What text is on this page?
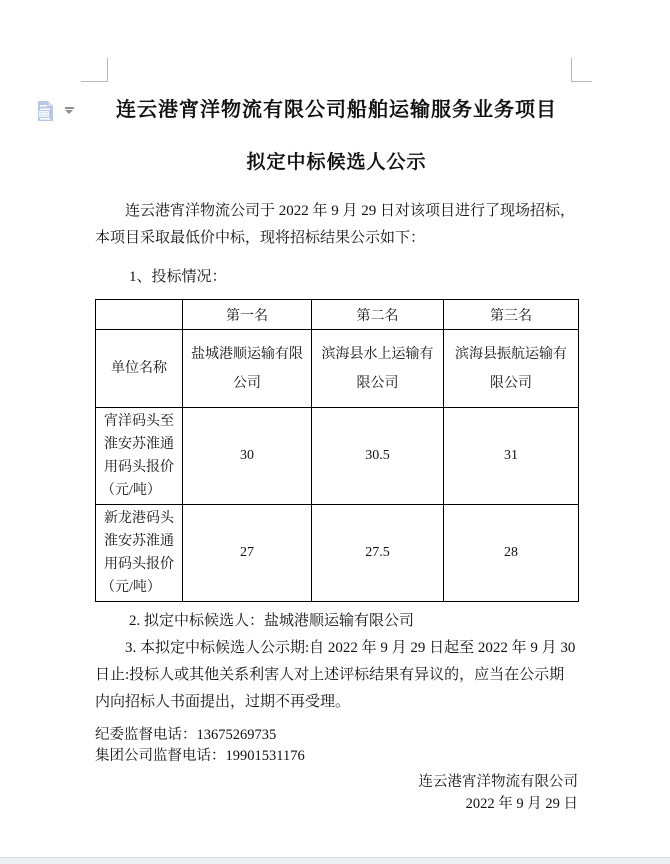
连云港宵洋物流有限公司船舶运输服务业务项目
拟定中标候选人公示

连云港宵洋物流公司于 2022 年 9 月 29 日对该项目进行了现场招标，本项目采取最低价中标，现将招标结果公示如下：

1、投标情况：

	第一名	第二名	第三名
单位名称	盐城港顺运输有限公司	滨海县水上运输有限公司	滨海县振航运输有限公司
宵洋码头至淮安苏淮通用码头报价（元/吨）	30	30.5	31
新龙港码头淮安苏淮通用码头报价（元/吨）	27	27.5	28

2. 拟定中标候选人：盐城港顺运输有限公司

3. 本拟定中标候选人公示期:自 2022 年 9 月 29 日起至 2022 年 9 月 30 日止:投标人或其他关系利害人对上述评标结果有异议的，应当在公示期内向招标人书面提出，过期不再受理。

纪委监督电话：13675269735

集团公司监督电话：19901531176

连云港宵洋物流有限公司

2022 年 9 月 29 日
